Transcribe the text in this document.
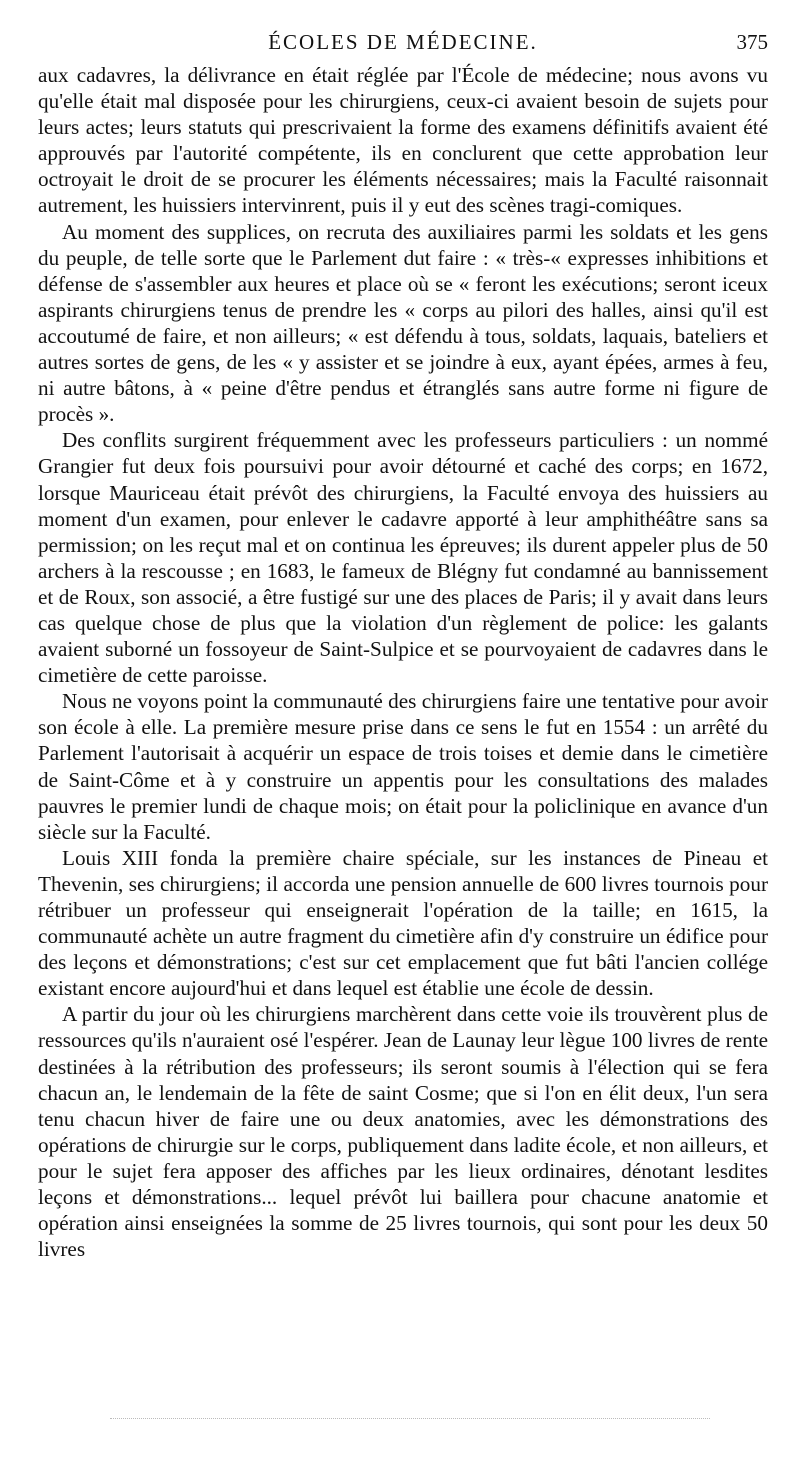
ÉCOLES DE MÉDECINE.	375

aux cadavres, la délivrance en était réglée par l'École de médecine; nous avons vu qu'elle était mal disposée pour les chirurgiens, ceux-ci avaient besoin de sujets pour leurs actes; leurs statuts qui prescrivaient la forme des examens définitifs avaient été approuvés par l'autorité compétente, ils en conclurent que cette approbation leur octroyait le droit de se procurer les éléments nécessaires; mais la Faculté raisonnait autrement, les huissiers intervinrent, puis il y eut des scènes tragi-comiques.

Au moment des supplices, on recruta des auxiliaires parmi les soldats et les gens du peuple, de telle sorte que le Parlement dut faire : « très-« expresses inhibitions et défense de s'assembler aux heures et place où se « feront les exécutions; seront iceux aspirants chirurgiens tenus de prendre les « corps au pilori des halles, ainsi qu'il est accoutumé de faire, et non ailleurs; « est défendu à tous, soldats, laquais, bateliers et autres sortes de gens, de les « y assister et se joindre à eux, ayant épées, armes à feu, ni autre bâtons, à « peine d'être pendus et étranglés sans autre forme ni figure de procès ».

Des conflits surgirent fréquemment avec les professeurs particuliers : un nommé Grangier fut deux fois poursuivi pour avoir détourné et caché des corps; en 1672, lorsque Mauriceau était prévôt des chirurgiens, la Faculté envoya des huissiers au moment d'un examen, pour enlever le cadavre apporté à leur amphithéâtre sans sa permission; on les reçut mal et on continua les épreuves; ils durent appeler plus de 50 archers à la rescousse ; en 1683, le fameux de Blégny fut condamné au bannissement et de Roux, son associé, a être fustigé sur une des places de Paris; il y avait dans leurs cas quelque chose de plus que la violation d'un règlement de police: les galants avaient suborné un fossoyeur de Saint-Sulpice et se pourvoyaient de cadavres dans le cimetière de cette paroisse.

Nous ne voyons point la communauté des chirurgiens faire une tentative pour avoir son école à elle. La première mesure prise dans ce sens le fut en 1554 : un arrêté du Parlement l'autorisait à acquérir un espace de trois toises et demie dans le cimetière de Saint-Côme et à y construire un appentis pour les consultations des malades pauvres le premier lundi de chaque mois; on était pour la policlinique en avance d'un siècle sur la Faculté.

Louis XIII fonda la première chaire spéciale, sur les instances de Pineau et Thevenin, ses chirurgiens; il accorda une pension annuelle de 600 livres tournois pour rétribuer un professeur qui enseignerait l'opération de la taille; en 1615, la communauté achète un autre fragment du cimetière afin d'y construire un édifice pour des leçons et démonstrations; c'est sur cet emplacement que fut bâti l'ancien collége existant encore aujourd'hui et dans lequel est établie une école de dessin.

A partir du jour où les chirurgiens marchèrent dans cette voie ils trouvèrent plus de ressources qu'ils n'auraient osé l'espérer. Jean de Launay leur lègue 100 livres de rente destinées à la rétribution des professeurs; ils seront soumis à l'élection qui se fera chacun an, le lendemain de la fête de saint Cosme; que si l'on en élit deux, l'un sera tenu chacun hiver de faire une ou deux anatomies, avec les démonstrations des opérations de chirurgie sur le corps, publiquement dans ladite école, et non ailleurs, et pour le sujet fera apposer des affiches par les lieux ordinaires, dénotant lesdites leçons et démonstrations... lequel prévôt lui baillera pour chacune anatomie et opération ainsi enseignées la somme de 25 livres tournois, qui sont pour les deux 50 livres
